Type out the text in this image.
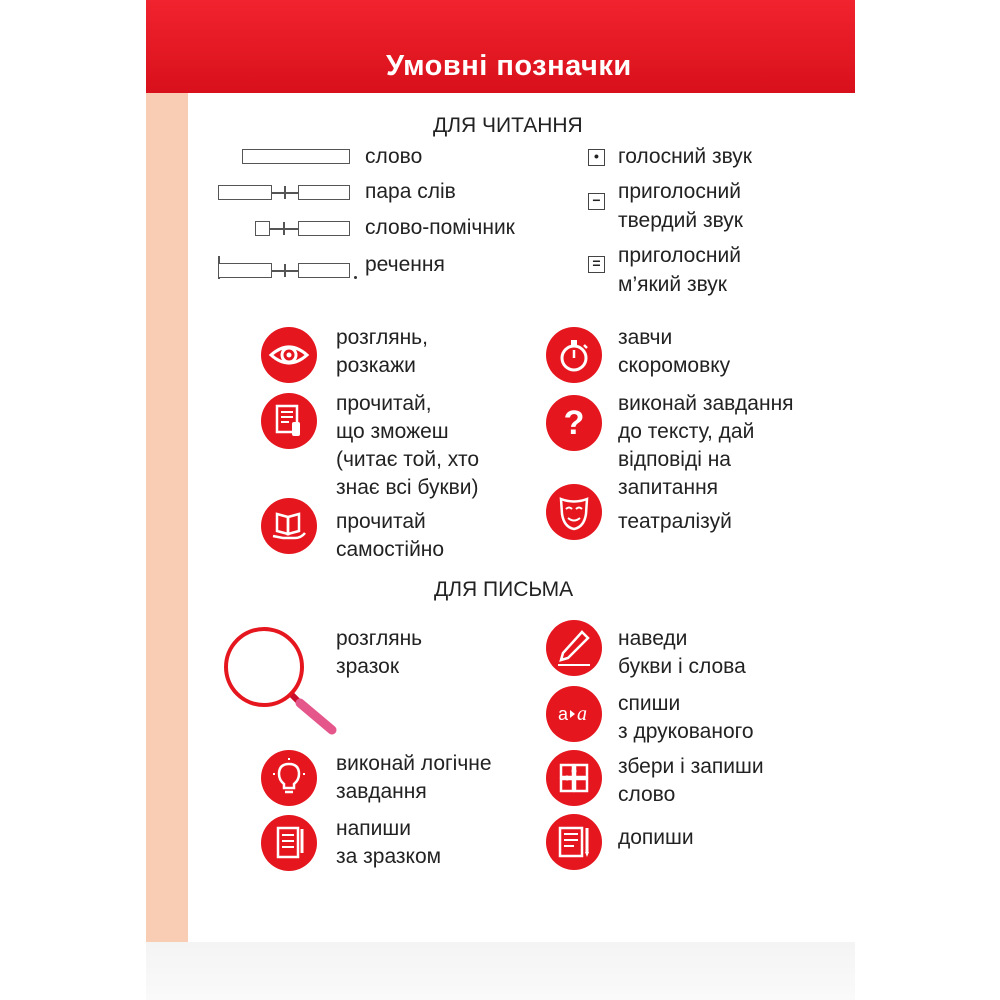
Умовні позначки
ДЛЯ ЧИТАННЯ
слово
пара слів
слово-помічник
речення
• голосний звук
− приголосний
твердий звук
= приголосний
м’який звук
розглянь,
розкажи
прочитай,
що зможеш
(читає той, хто
знає всі букви)
прочитай
самостійно
завчи
скоромовку
?
виконай завдання
до тексту, дай
відповіді на
запитання
театралізуй
ДЛЯ ПИСЬМА
розглянь
зразок
виконай логічне
завдання
напиши
за зразком
наведи
букви і слова
a a спиши
з друкованого
збери і запиши
слово
допиши
